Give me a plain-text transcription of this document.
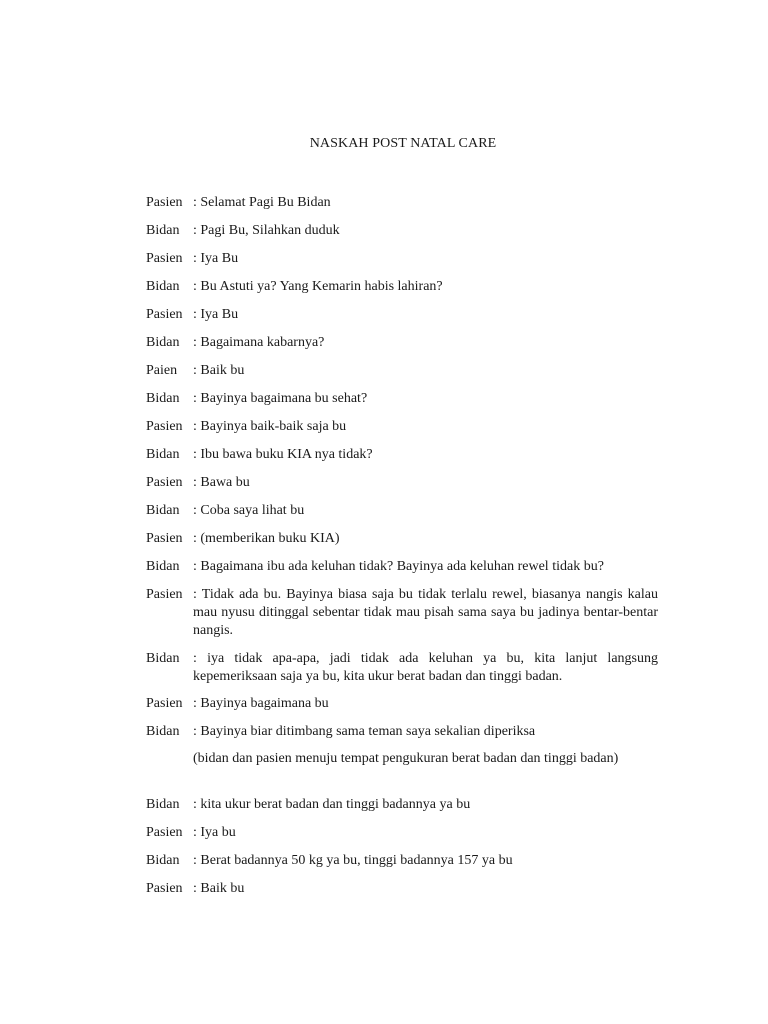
NASKAH POST NATAL CARE
Pasien : Selamat Pagi Bu Bidan
Bidan : Pagi Bu, Silahkan duduk
Pasien : Iya Bu
Bidan : Bu Astuti ya? Yang Kemarin habis lahiran?
Pasien : Iya Bu
Bidan : Bagaimana kabarnya?
Paien : Baik bu
Bidan : Bayinya bagaimana bu sehat?
Pasien : Bayinya baik-baik saja bu
Bidan : Ibu bawa buku KIA nya tidak?
Pasien : Bawa bu
Bidan : Coba saya lihat bu
Pasien : (memberikan buku KIA)
Bidan : Bagaimana ibu ada keluhan tidak? Bayinya ada keluhan rewel tidak bu?
Pasien : Tidak ada bu. Bayinya biasa saja bu tidak terlalu rewel, biasanya nangis kalau mau nyusu ditinggal sebentar tidak mau pisah sama saya bu jadinya bentar-bentar nangis.
Bidan : iya tidak apa-apa, jadi tidak ada keluhan ya bu, kita lanjut langsung kepemeriksaan saja ya bu, kita ukur berat badan dan tinggi badan.
Pasien : Bayinya bagaimana bu
Bidan : Bayinya biar ditimbang sama teman saya sekalian diperiksa
(bidan dan pasien menuju tempat pengukuran berat badan dan tinggi badan)
Bidan : kita ukur berat badan dan tinggi badannya ya bu
Pasien : Iya bu
Bidan : Berat badannya 50 kg ya bu, tinggi badannya 157 ya bu
Pasien : Baik bu
